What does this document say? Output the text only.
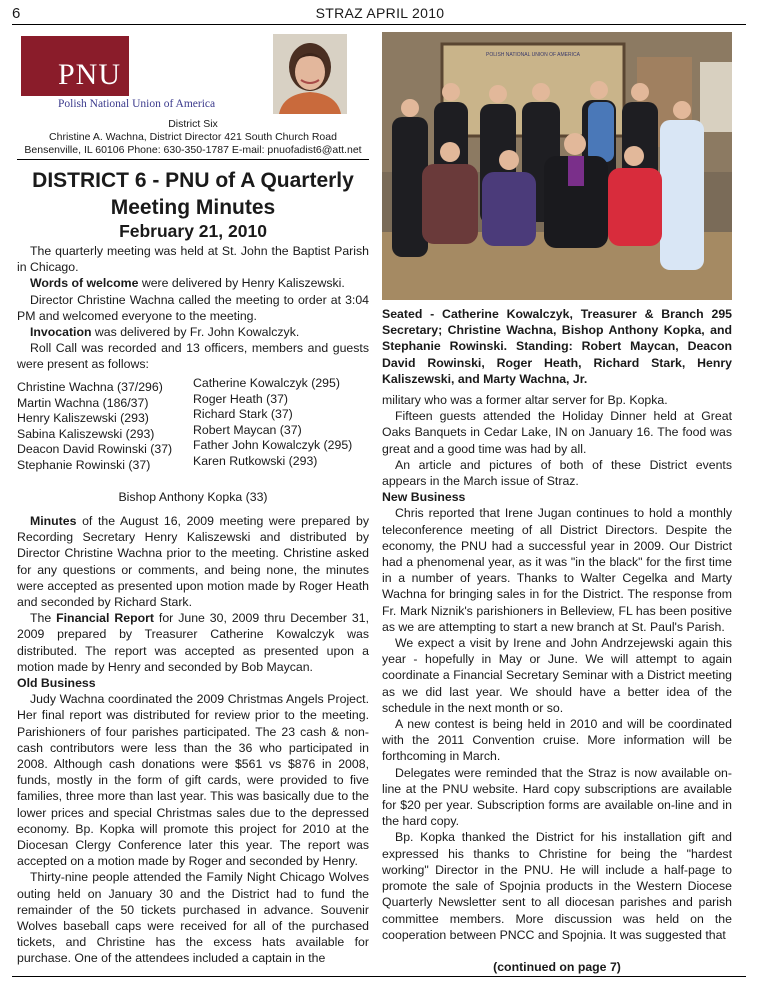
6	STRAZ APRIL 2010
PNU
Polish National Union of America
District Six
Christine A. Wachna, District Director 421 South Church Road
Bensenville, IL 60106 Phone: 630-350-1787 E-mail: pnuofadist6@att.net
DISTRICT 6 - PNU of A Quarterly Meeting Minutes
February 21, 2010

The quarterly meeting was held at St. John the Baptist Parish in Chicago.

Words of welcome were delivered by Henry Kaliszewski.

Director Christine Wachna called the meeting to order at 3:04 PM and welcomed everyone to the meeting.

Invocation was delivered by Fr. John Kowalczyk.

Roll Call was recorded and 13 officers, members and guests were present as follows:

Christine Wachna (37/296)
Martin Wachna (186/37)
Henry Kaliszewski (293)
Sabina Kaliszewski (293)
Deacon David Rowinski (37)
Stephanie Rowinski (37)
Catherine Kowalczyk (295)
Roger Heath (37)
Richard Stark (37)
Robert Maycan (37)
Father John Kowalczyk (295)
Karen Rutkowski (293)
Bishop Anthony Kopka (33)

Minutes of the August 16, 2009 meeting were prepared by Recording Secretary Henry Kaliszewski and distributed by Director Christine Wachna prior to the meeting. Christine asked for any questions or comments, and being none, the minutes were accepted as presented upon motion made by Roger Heath and seconded by Richard Stark.

The Financial Report for June 30, 2009 thru December 31, 2009 prepared by Treasurer Catherine Kowalczyk was distributed. The report was accepted as presented upon a motion made by Henry and seconded by Bob Maycan.

Old Business

Judy Wachna coordinated the 2009 Christmas Angels Project. Her final report was distributed for review prior to the meeting. Parishioners of four parishes participated. The 23 cash & non-cash contributors were less than the 36 who participated in 2008. Although cash donations were $561 vs $876 in 2008, funds, mostly in the form of gift cards, were provided to five families, three more than last year. This was basically due to the lower prices and special Christmas sales due to the depressed economy. Bp. Kopka will promote this project for 2010 at the Diocesan Clergy Conference later this year. The report was accepted on a motion made by Roger and seconded by Henry.

Thirty-nine people attended the Family Night Chicago Wolves outing held on January 30 and the District had to fund the remainder of the 50 tickets purchased in advance. Souvenir Wolves baseball caps were received for all of the purchased tickets, and Christine has the excess hats available for purchase. One of the attendees included a captain in the

POLISH NATIONAL UNION OF AMERICA
Seated - Catherine Kowalczyk, Treasurer & Branch 295 Secretary; Christine Wachna, Bishop Anthony Kopka, and Stephanie Rowinski. Standing: Robert Maycan, Deacon David Rowinski, Roger Heath, Richard Stark, Henry Kaliszewski, and Marty Wachna, Jr.

military who was a former altar server for Bp. Kopka.

Fifteen guests attended the Holiday Dinner held at Great Oaks Banquets in Cedar Lake, IN on January 16. The food was great and a good time was had by all.

An article and pictures of both of these District events appears in the March issue of Straz.

New Business

Chris reported that Irene Jugan continues to hold a monthly teleconference meeting of all District Directors. Despite the economy, the PNU had a successful year in 2009. Our District had a phenomenal year, as it was "in the black" for the first time in a number of years. Thanks to Walter Cegelka and Marty Wachna for bringing sales in for the District. The response from Fr. Mark Niznik's parishioners in Belleview, FL has been positive as we are attempting to start a new branch at St. Paul's Parish.

We expect a visit by Irene and John Andrzejewski again this year - hopefully in May or June. We will attempt to again coordinate a Financial Secretary Seminar with a District meeting as we did last year. We should have a better idea of the schedule in the next month or so.

A new contest is being held in 2010 and will be coordinated with the 2011 Convention cruise. More information will be forthcoming in March.

Delegates were reminded that the Straz is now available on-line at the PNU website. Hard copy subscriptions are available for $20 per year. Subscription forms are available on-line and in the hard copy.

Bp. Kopka thanked the District for his installation gift and expressed his thanks to Christine for being the "hardest working" Director in the PNU. He will include a half-page to promote the sale of Spojnia products in the Western Diocese Quarterly Newsletter sent to all diocesan parishes and parish committee members. More discussion was held on the cooperation between PNCC and Spojnia. It was suggested that

(continued on page 7)
